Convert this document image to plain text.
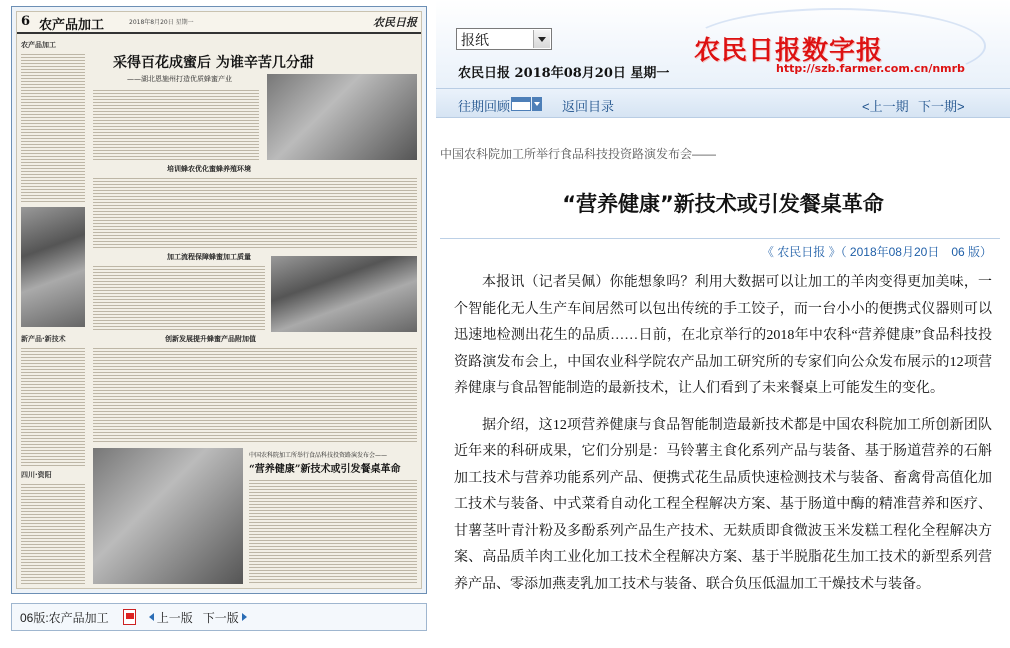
6 农产品加工	2018年8月20日 星期一	农民日报
农产品加工
新产品·新技术
四川·资阳
采得百花成蜜后 为谁辛苦几分甜
——湖北恩施州打造优质蜂蜜产业
培训蜂农优化蜜蜂养殖环境
加工流程保障蜂蜜加工质量
创新发展提升蜂蜜产品附加值
中国农科院加工所举行食品科技投资路演发布会——
“营养健康”新技术或引发餐桌革命
06版:农产品加工	上一版 下一版
报纸
农民日报 2018年08月20日 星期一
农民日报数字报
http://szb.farmer.com.cn/nmrb
往期回顾	返回目录	<上一期 下一期>
中国农科院加工所举行食品科技投资路演发布会——
“营养健康”新技术或引发餐桌革命
《 农民日报 》（ 2018年08月20日　06 版）

本报讯（记者吴佩）你能想象吗？利用大数据可以让加工的羊肉变得更加美味，一个智能化无人生产车间居然可以包出传统的手工饺子，而一台小小的便携式仪器则可以迅速地检测出花生的品质……日前，在北京举行的2018年中农科“营养健康”食品科技投资路演发布会上，中国农业科学院农产品加工研究所的专家们向公众发布展示的12项营养健康与食品智能制造的最新技术，让人们看到了未来餐桌上可能发生的变化。

据介绍，这12项营养健康与食品智能制造最新技术都是中国农科院加工所创新团队近年来的科研成果，它们分别是：马铃薯主食化系列产品与装备、基于肠道营养的石斛加工技术与营养功能系列产品、便携式花生品质快速检测技术与装备、畜禽骨高值化加工技术与装备、中式菜肴自动化工程全程解决方案、基于肠道中酶的精准营养和医疗、甘薯茎叶青汁粉及多酚系列产品生产技术、无麸质即食微波玉米发糕工程化全程解决方案、高品质羊肉工业化加工技术全程解决方案、基于半脱脂花生加工技术的新型系列营养产品、零添加燕麦乳加工技术与装备、联合负压低温加工干燥技术与装备。
